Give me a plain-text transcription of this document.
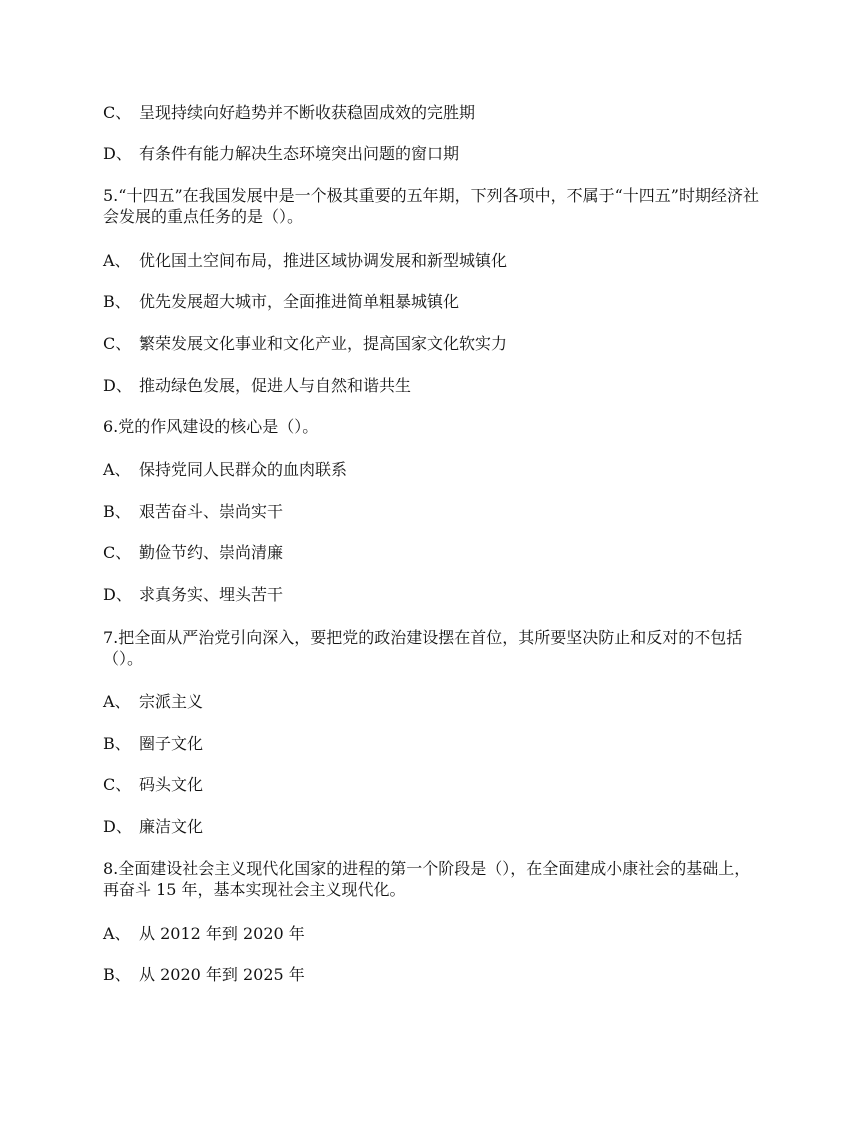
C、 呈现持续向好趋势并不断收获稳固成效的完胜期
D、 有条件有能力解决生态环境突出问题的窗口期
5.“十四五”在我国发展中是一个极其重要的五年期，下列各项中，不属于“十四五”时期经济社会发展的重点任务的是（）。
A、 优化国土空间布局，推进区域协调发展和新型城镇化
B、 优先发展超大城市，全面推进简单粗暴城镇化
C、 繁荣发展文化事业和文化产业，提高国家文化软实力
D、 推动绿色发展，促进人与自然和谐共生
6.党的作风建设的核心是（）。
A、 保持党同人民群众的血肉联系
B、 艰苦奋斗、崇尚实干
C、 勤俭节约、崇尚清廉
D、 求真务实、埋头苦干
7.把全面从严治党引向深入，要把党的政治建设摆在首位，其所要坚决防止和反对的不包括（）。
A、 宗派主义
B、 圈子文化
C、 码头文化
D、 廉洁文化
8.全面建设社会主义现代化国家的进程的第一个阶段是（），在全面建成小康社会的基础上，再奋斗 15 年，基本实现社会主义现代化。
A、 从 2012 年到 2020 年
B、 从 2020 年到 2025 年
